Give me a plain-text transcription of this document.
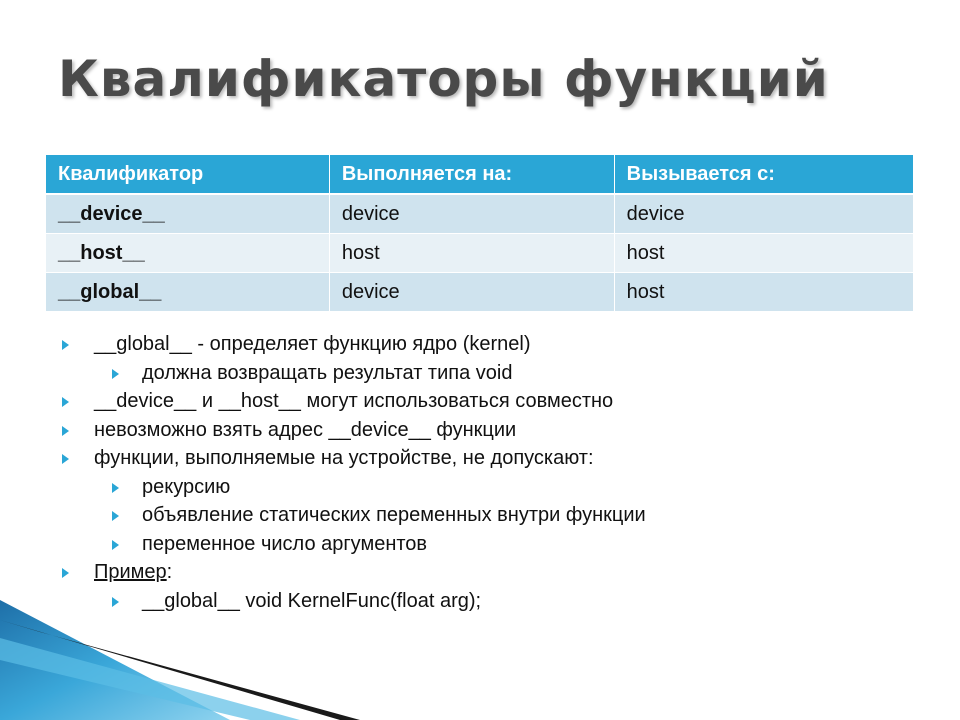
Квалификаторы функций
Квалификатор	Выполняется на:	Вызывается с:
__device__	device	device
__host__	host	host
__global__	device	host
__global__ - определяет функцию ядро (kernel)
должна возвращать результат типа void
__device__ и __host__ могут использоваться совместно
невозможно взять адрес __device__ функции
функции, выполняемые на устройстве, не допускают:
рекурсию
объявление статических переменных внутри функции
переменное число аргументов
Пример:
__global__ void KernelFunc(float arg);
